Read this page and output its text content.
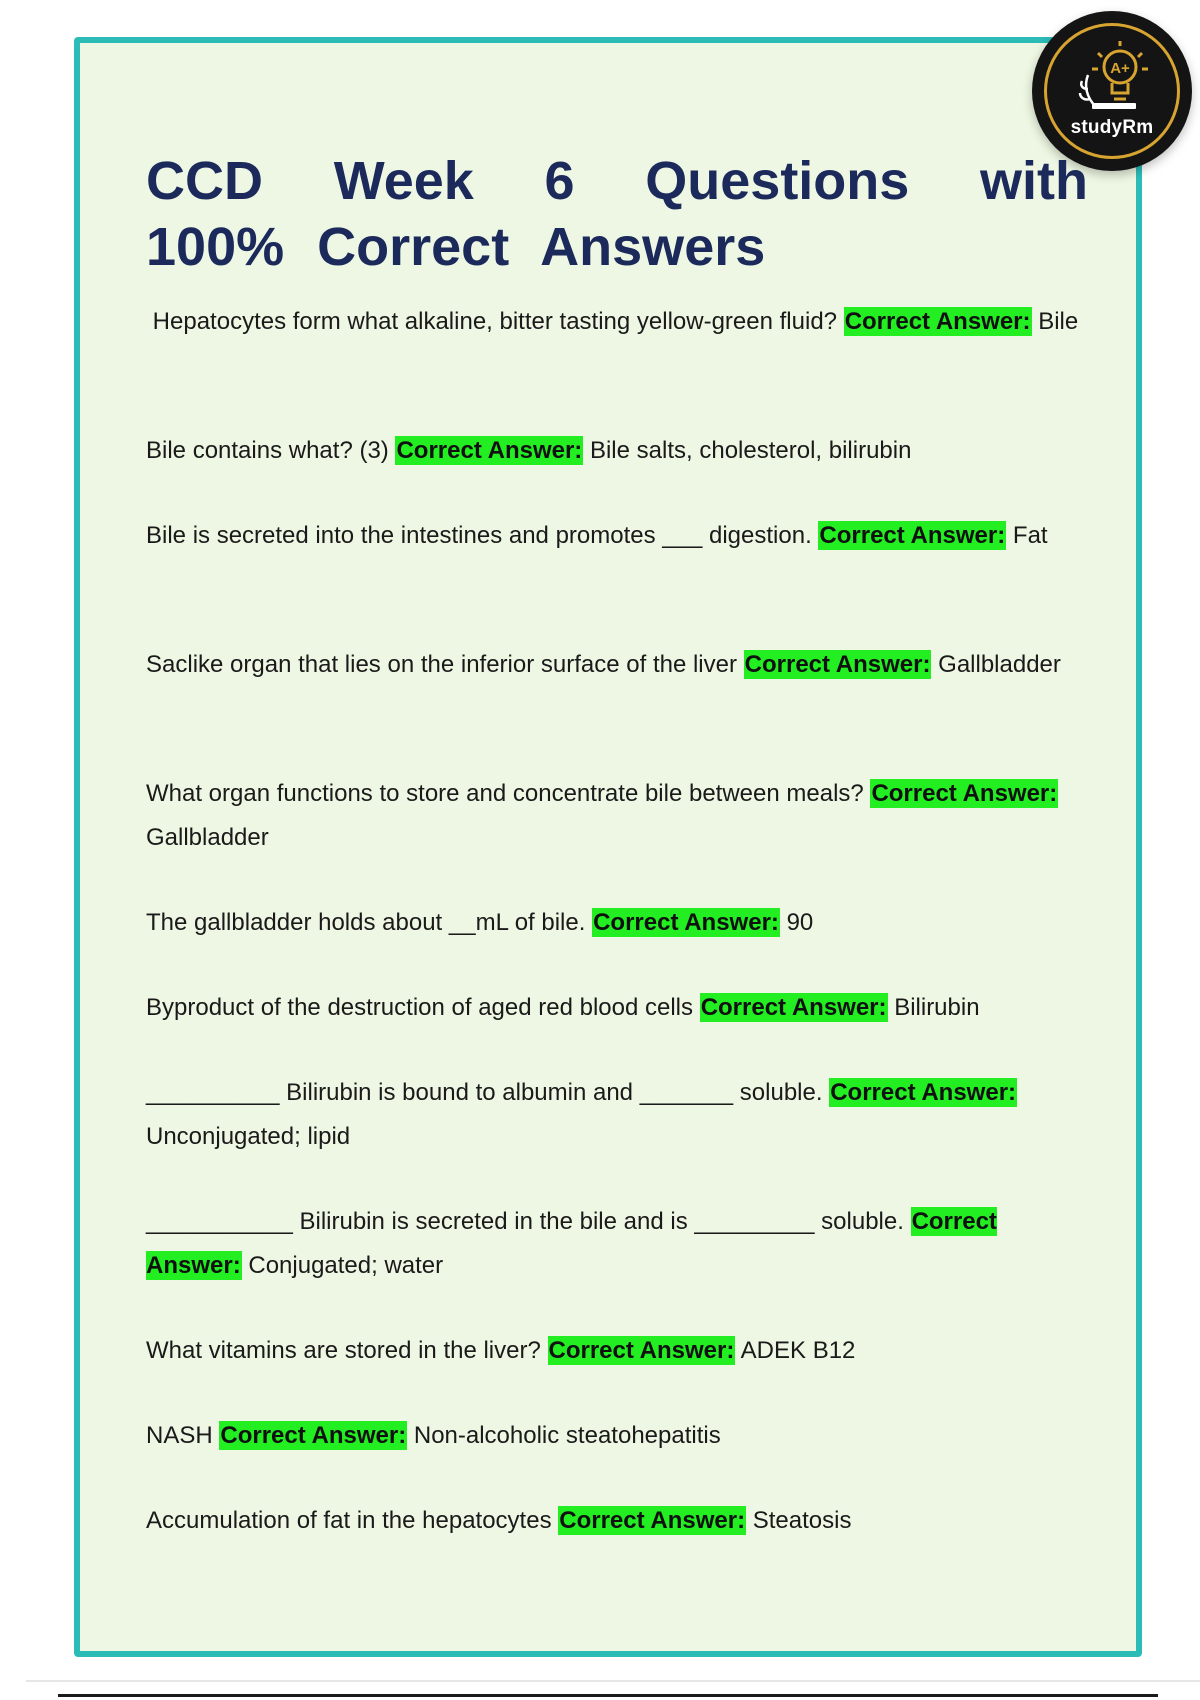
A+
studyRm
CCD Week 6 Questions with 100% Correct Answers

Hepatocytes form what alkaline, bitter tasting yellow-green fluid? Correct Answer: Bile

Bile contains what? (3) Correct Answer: Bile salts, cholesterol, bilirubin

Bile is secreted into the intestines and promotes ___ digestion. Correct Answer: Fat

Saclike organ that lies on the inferior surface of the liver Correct Answer: Gallbladder

What organ functions to store and concentrate bile between meals? Correct Answer: Gallbladder

The gallbladder holds about __mL of bile. Correct Answer: 90

Byproduct of the destruction of aged red blood cells Correct Answer: Bilirubin

__________ Bilirubin is bound to albumin and _______ soluble. Correct Answer: Unconjugated; lipid

___________ Bilirubin is secreted in the bile and is _________ soluble. Correct Answer: Conjugated; water

What vitamins are stored in the liver? Correct Answer: ADEK B12

NASH Correct Answer: Non-alcoholic steatohepatitis

Accumulation of fat in the hepatocytes Correct Answer: Steatosis
